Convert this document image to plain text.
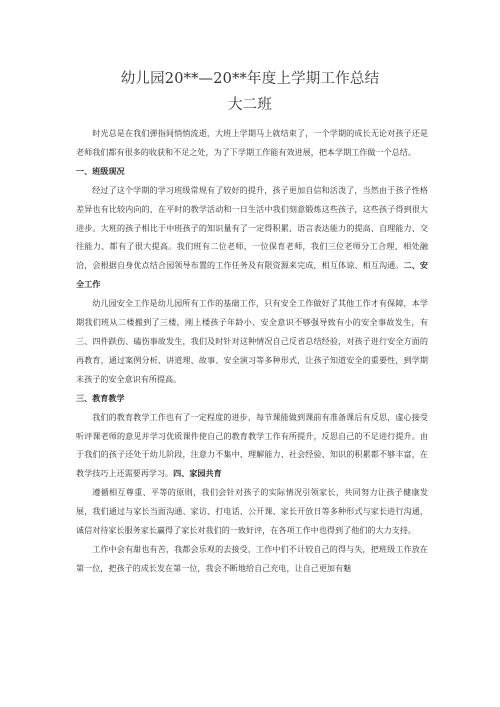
幼儿园20**—20**年度上学期工作总结
大二班

时光总是在我们弹指间悄悄流逝，大班上学期马上就结束了，一个学期的成长无论对孩子还是老师我们都有很多的收获和不足之处，为了下学期工作能有效进展，把本学期工作做一个总结。

一、班级现况

经过了这个学期的学习班级常规有了较好的提升，孩子更加自信和活泼了，当然由于孩子性格差异也有比较内向的，在平时的教学活动和一日生活中我们刻意锻炼这些孩子，这些孩子得到很大进步。大班的孩子相比于中班孩子的知识量有了一定得积累、语言表达能力的提高、自理能力、交往能力、都有了很大提高。我们班有二位老师，一位保育老师，我们三位老师分工合理、相处融洽，会根据自身优点结合园领导布置的工作任务及有限资源来完成，相互体谅、相互沟通。二、安全工作

幼儿园安全工作是幼儿园所有工作的基础工作，只有安全工作做好了其他工作才有保障，本学期我们班从二楼搬到了三楼，刚上楼孩子年龄小、安全意识不够强导致有小的安全事故发生，有三、四件跌伤、磕伤事故发生，我们及时针对这种情况自己反省总结经验，对孩子进行安全方面的再教育，通过案例分析、讲道理、故事、安全演习等多种形式，让孩子知道安全的重要性，到学期末孩子的安全意识有所提高。

三、教育教学

我们的教育教学工作也有了一定程度的进步，每节课能做到课前有准备课后有反思，虚心接受听评课老师的意见并学习优质课件使自己的教育教学工作有所提升，反思自己的不足进行提升。由于我们的孩子还处于幼儿阶段，注意力不集中、理解能力、社会经验、知识的积累都不够丰富，在教学技巧上还需要再学习。四、家园共育

遵循相互尊重、平等的原则，我们会针对孩子的实际情况引领家长，共同努力让孩子健康发展，我们通过与家长当面沟通、家访、打电话、公开课、家长开放日等多种形式与家长进行沟通，诚信对待家长服务家长赢得了家长对我们的一致好评，在各项工作中也得到了他们的大力支持。

工作中会有甜也有苦，我都会乐观的去接受，工作中们不计较自己的得与失，把班级工作放在第一位，把孩子的成长发在第一位，我会不断地给自己充电，让自己更加有魅
